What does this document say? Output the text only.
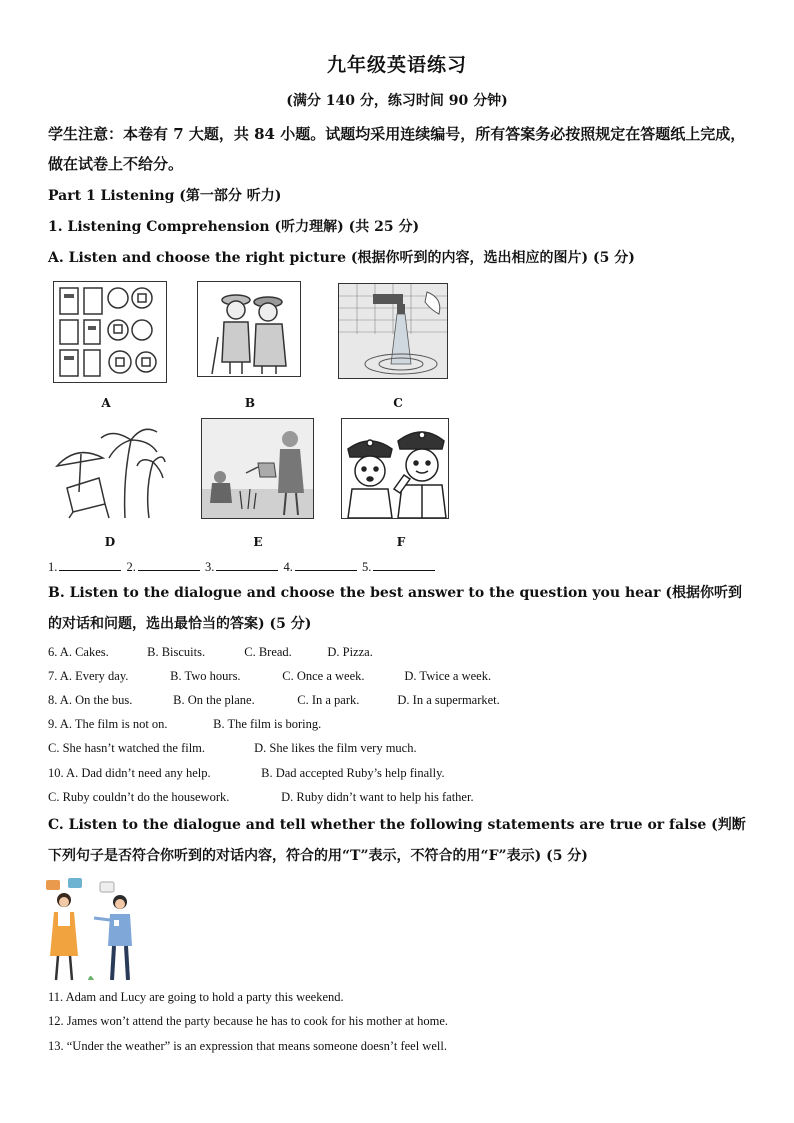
九年级英语练习
(满分 140 分，练习时间 90 分钟)
学生注意：本卷有 7 大题，共 84 小题。试题均采用连续编号，所有答案务必按照规定在答题纸上完成，做在试卷上不给分。
Part 1 Listening (第一部分 听力)
1. Listening Comprehension (听力理解) (共 25 分)
A. Listen and choose the right picture (根据你听到的内容，选出相应的图片) (5 分)
A	B	C
D	E	F
1.	2.	3.	4.	5.
B. Listen to the dialogue and choose the best answer to the question you hear (根据你听到的对话和问题，选出最恰当的答案) (5 分)
6. A. Cakes.	B. Biscuits.	C. Bread.	D. Pizza.
7. A. Every day.	B. Two hours.	C. Once a week.	D. Twice a week.
8. A. On the bus.	B. On the plane.	C. In a park.	D. In a supermarket.
9. A. The film is not on.	B. The film is boring.
C. She hasn’t watched the film.	D. She likes the film very much.
10. A. Dad didn’t need any help.	B. Dad accepted Ruby’s help finally.
C. Ruby couldn’t do the housework.	D. Ruby didn’t want to help his father.
C. Listen to the dialogue and tell whether the following statements are true or false (判断下列句子是否符合你听到的对话内容，符合的用“T”表示，不符合的用“F”表示) (5 分)
11. Adam and Lucy are going to hold a party this weekend.
12. James won’t attend the party because he has to cook for his mother at home.
13. “Under the weather” is an expression that means someone doesn’t feel well.
